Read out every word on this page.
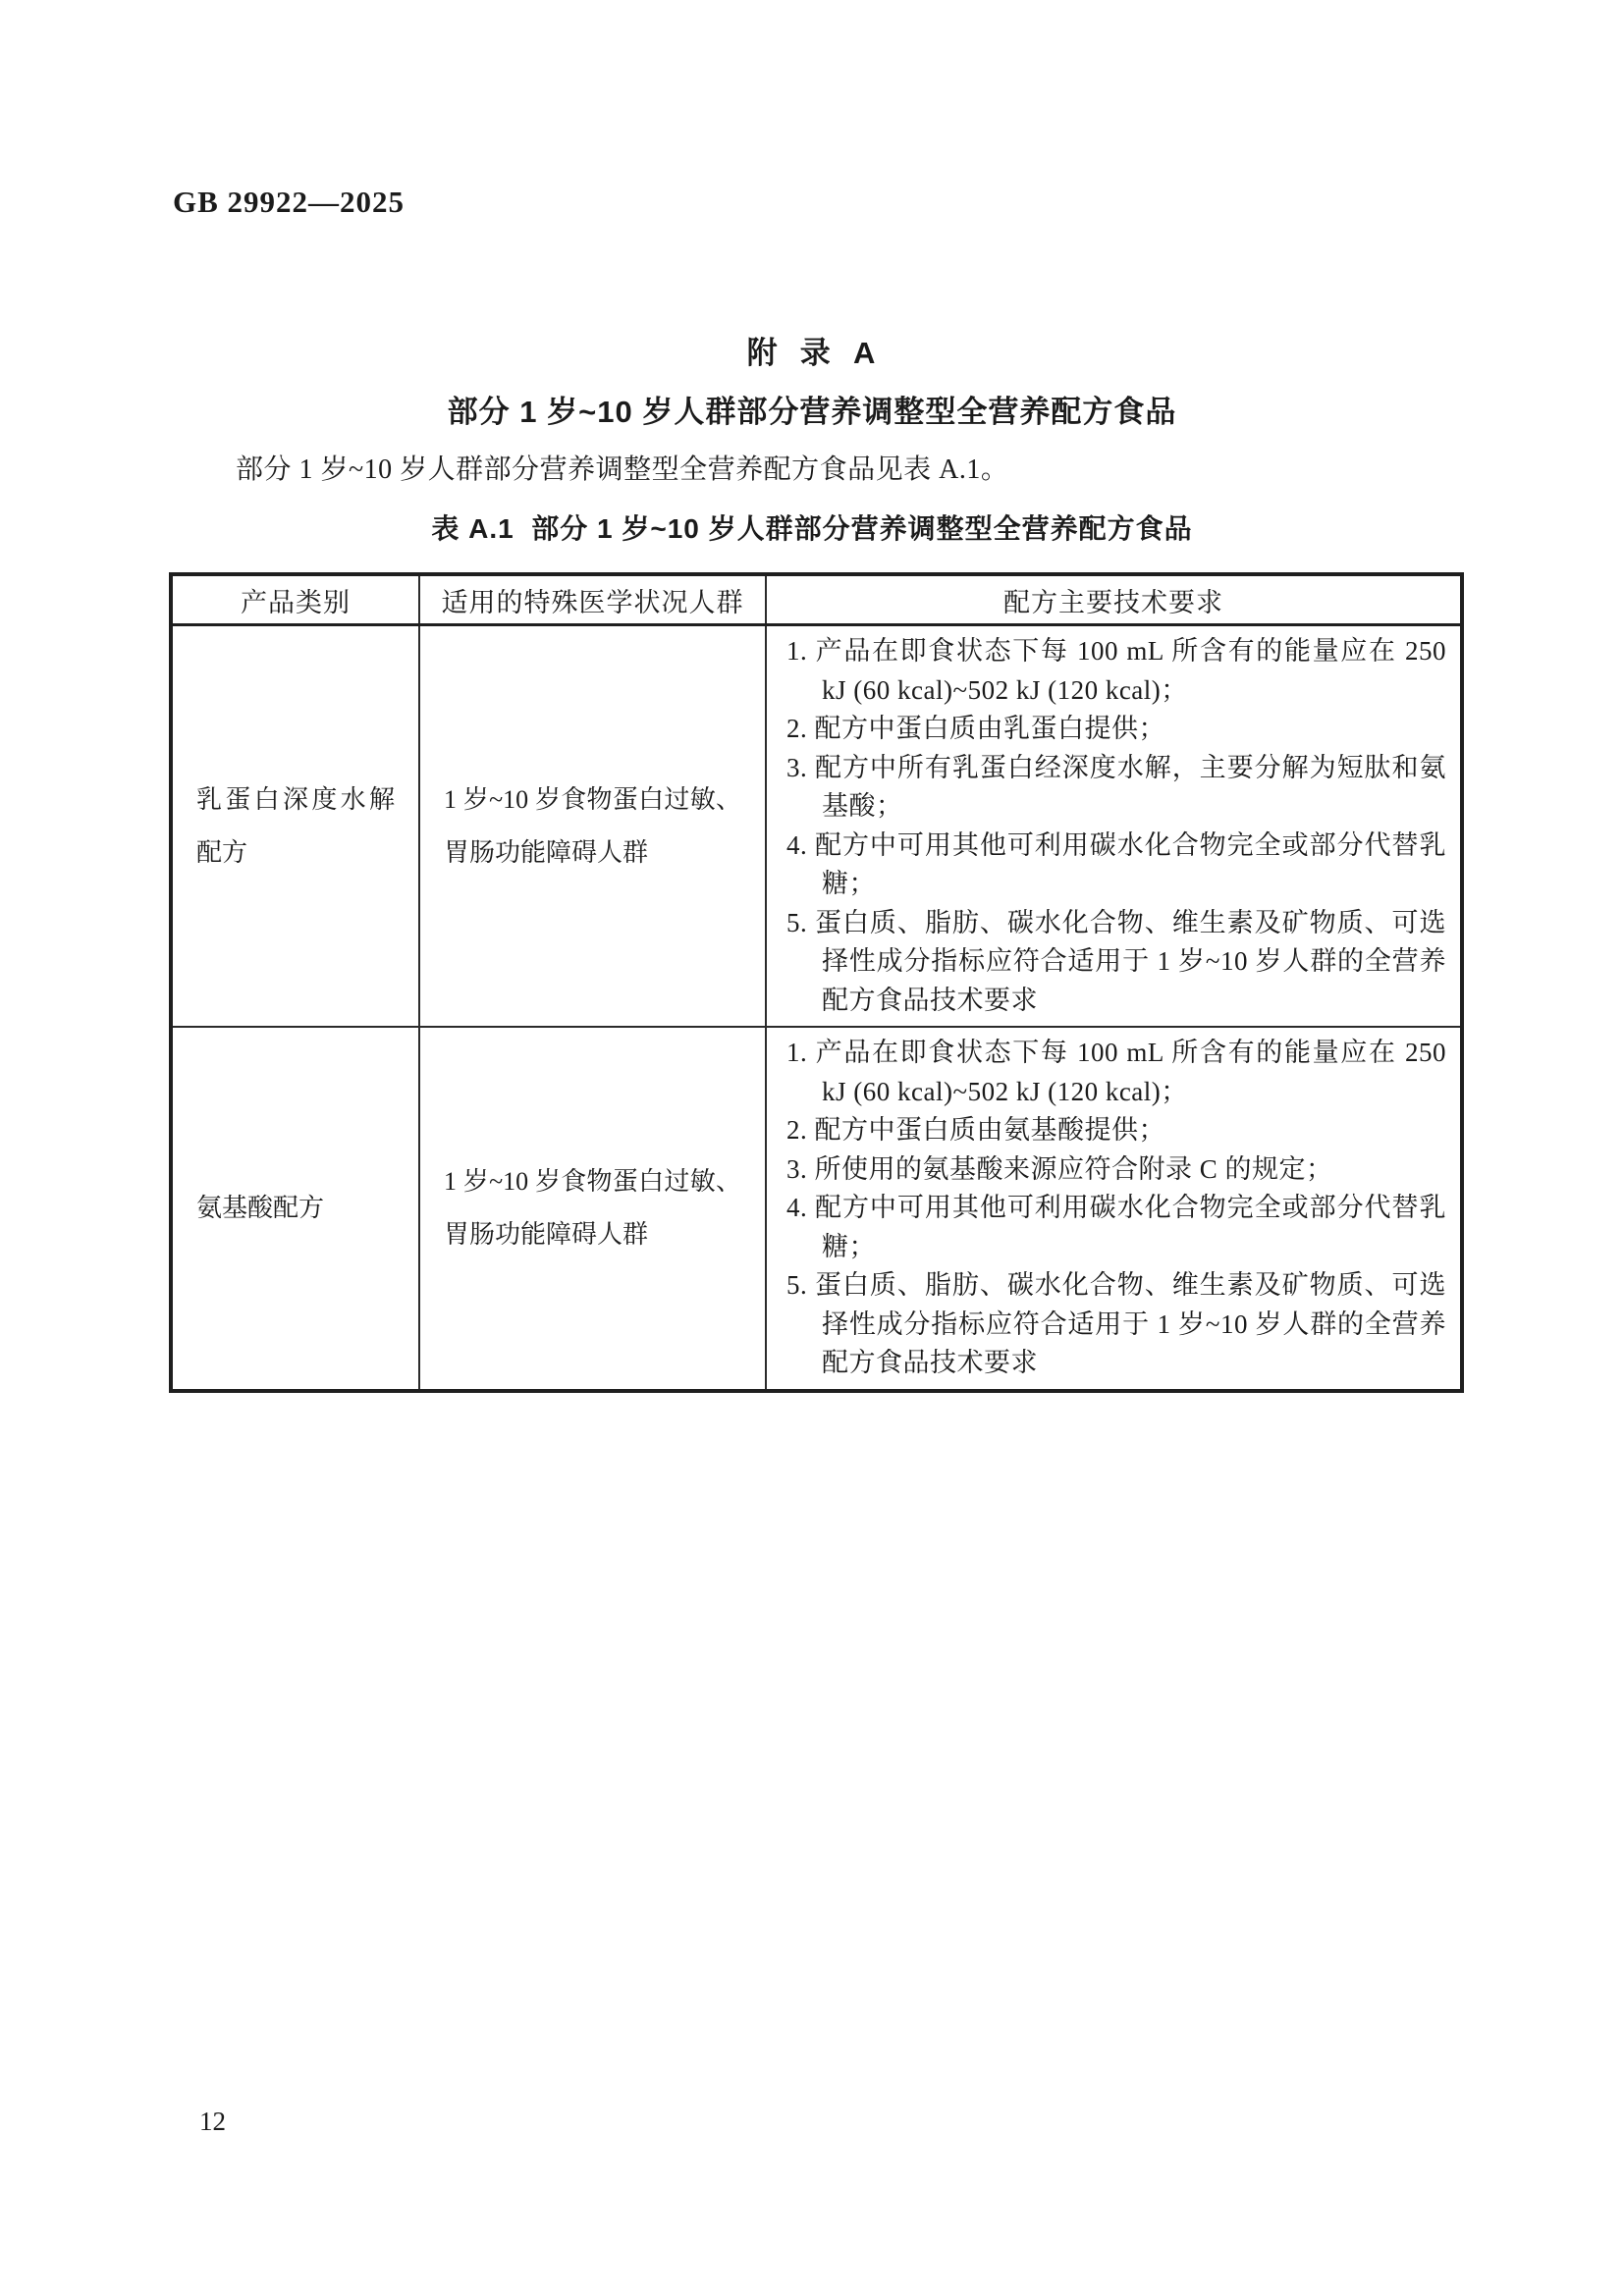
GB 29922—2025
附  录  A
部分 1 岁~10 岁人群部分营养调整型全营养配方食品
部分 1 岁~10 岁人群部分营养调整型全营养配方食品见表 A.1。
表 A.1  部分 1 岁~10 岁人群部分营养调整型全营养配方食品
产品类别	适用的特殊医学状况人群	配方主要技术要求
乳蛋白深度水解配方	1 岁~10 岁食物蛋白过敏、胃肠功能障碍人群	1. 产品在即食状态下每 100 mL 所含有的能量应在 250 kJ (60 kcal)~502 kJ (120 kcal)；
2. 配方中蛋白质由乳蛋白提供；
3. 配方中所有乳蛋白经深度水解，主要分解为短肽和氨基酸；
4. 配方中可用其他可利用碳水化合物完全或部分代替乳糖；
5. 蛋白质、脂肪、碳水化合物、维生素及矿物质、可选择性成分指标应符合适用于 1 岁~10 岁人群的全营养配方食品技术要求

氨基酸配方	1 岁~10 岁食物蛋白过敏、胃肠功能障碍人群	1. 产品在即食状态下每 100 mL 所含有的能量应在 250 kJ (60 kcal)~502 kJ (120 kcal)；
2. 配方中蛋白质由氨基酸提供；
3. 所使用的氨基酸来源应符合附录 C 的规定；
4. 配方中可用其他可利用碳水化合物完全或部分代替乳糖；
5. 蛋白质、脂肪、碳水化合物、维生素及矿物质、可选择性成分指标应符合适用于 1 岁~10 岁人群的全营养配方食品技术要求
12
